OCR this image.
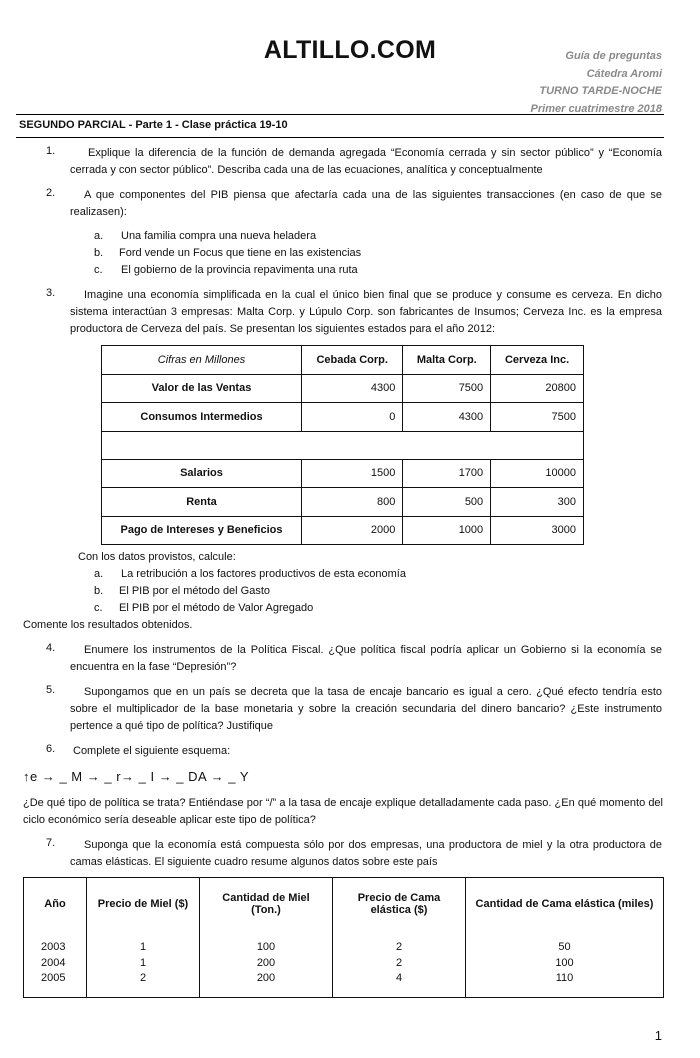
ALTILLO.COM	Guía de preguntas
Cátedra Aromi
TURNO TARDE-NOCHE
Primer cuatrimestre 2018
SEGUNDO PARCIAL - Parte 1 - Clase práctica 19-10
1.	Explique la diferencia de la función de demanda agregada “Economía cerrada y sin sector público” y “Economía cerrada y con sector público”. Describa cada una de las ecuaciones, analítica y conceptualmente
2.	A que componentes del PIB piensa que afectaría cada una de las siguientes transacciones (en caso de que se realizasen):
a. Una familia compra una nueva heladera
b. Ford vende un Focus que tiene en las existencias
c. El gobierno de la provincia repavimenta una ruta
3.	Imagine una economía simplificada en la cual el único bien final que se produce y consume es cerveza. En dicho sistema interactúan 3 empresas: Malta Corp. y Lúpulo Corp. son fabricantes de Insumos; Cerveza Inc. es la empresa productora de Cerveza del país. Se presentan los siguientes estados para el año 2012:
Cifras en Millones	Cebada Corp.	Malta Corp.	Cerveza Inc.
Valor de las Ventas	4300	7500	20800
Consumos Intermedios	0	4300	7500

Salarios	1500	1700	10000
Renta	800	500	300
Pago de Intereses y Beneficios	2000	1000	3000
Con los datos provistos, calcule:
a. La retribución a los factores productivos de esta economía
b. El PIB por el método del Gasto
c. El PIB por el método de Valor Agregado
Comente los resultados obtenidos.
4.	Enumere los instrumentos de la Política Fiscal. ¿Que política fiscal podría aplicar un Gobierno si la economía se encuentra en la fase “Depresión”?
5.	Supongamos que en un país se decreta que la tasa de encaje bancario es igual a cero. ¿Qué efecto tendría esto sobre el multiplicador de la base monetaria y sobre la creación secundaria del dinero bancario? ¿Este instrumento pertence a qué tipo de política? Justifique
6. Complete el siguiente esquema:
↑e → _ M → _ r→ _ I → _ DA → _ Y
¿De qué tipo de política se trata? Entiéndase por “/” a la tasa de encaje explique detalladamente cada paso. ¿En qué momento del ciclo económico sería deseable aplicar este tipo de política?
7.	Suponga que la economía está compuesta sólo por dos empresas, una productora de miel y la otra productora de camas elásticas. El siguiente cuadro resume algunos datos sobre este país
Año	Precio de Miel ($)	Cantidad de Miel (Ton.)	Precio de Cama elástica ($)	Cantidad de Cama elástica (miles)
2003	1	100	2	50
2004	1	200	2	100
2005	2	200	4	110
1
